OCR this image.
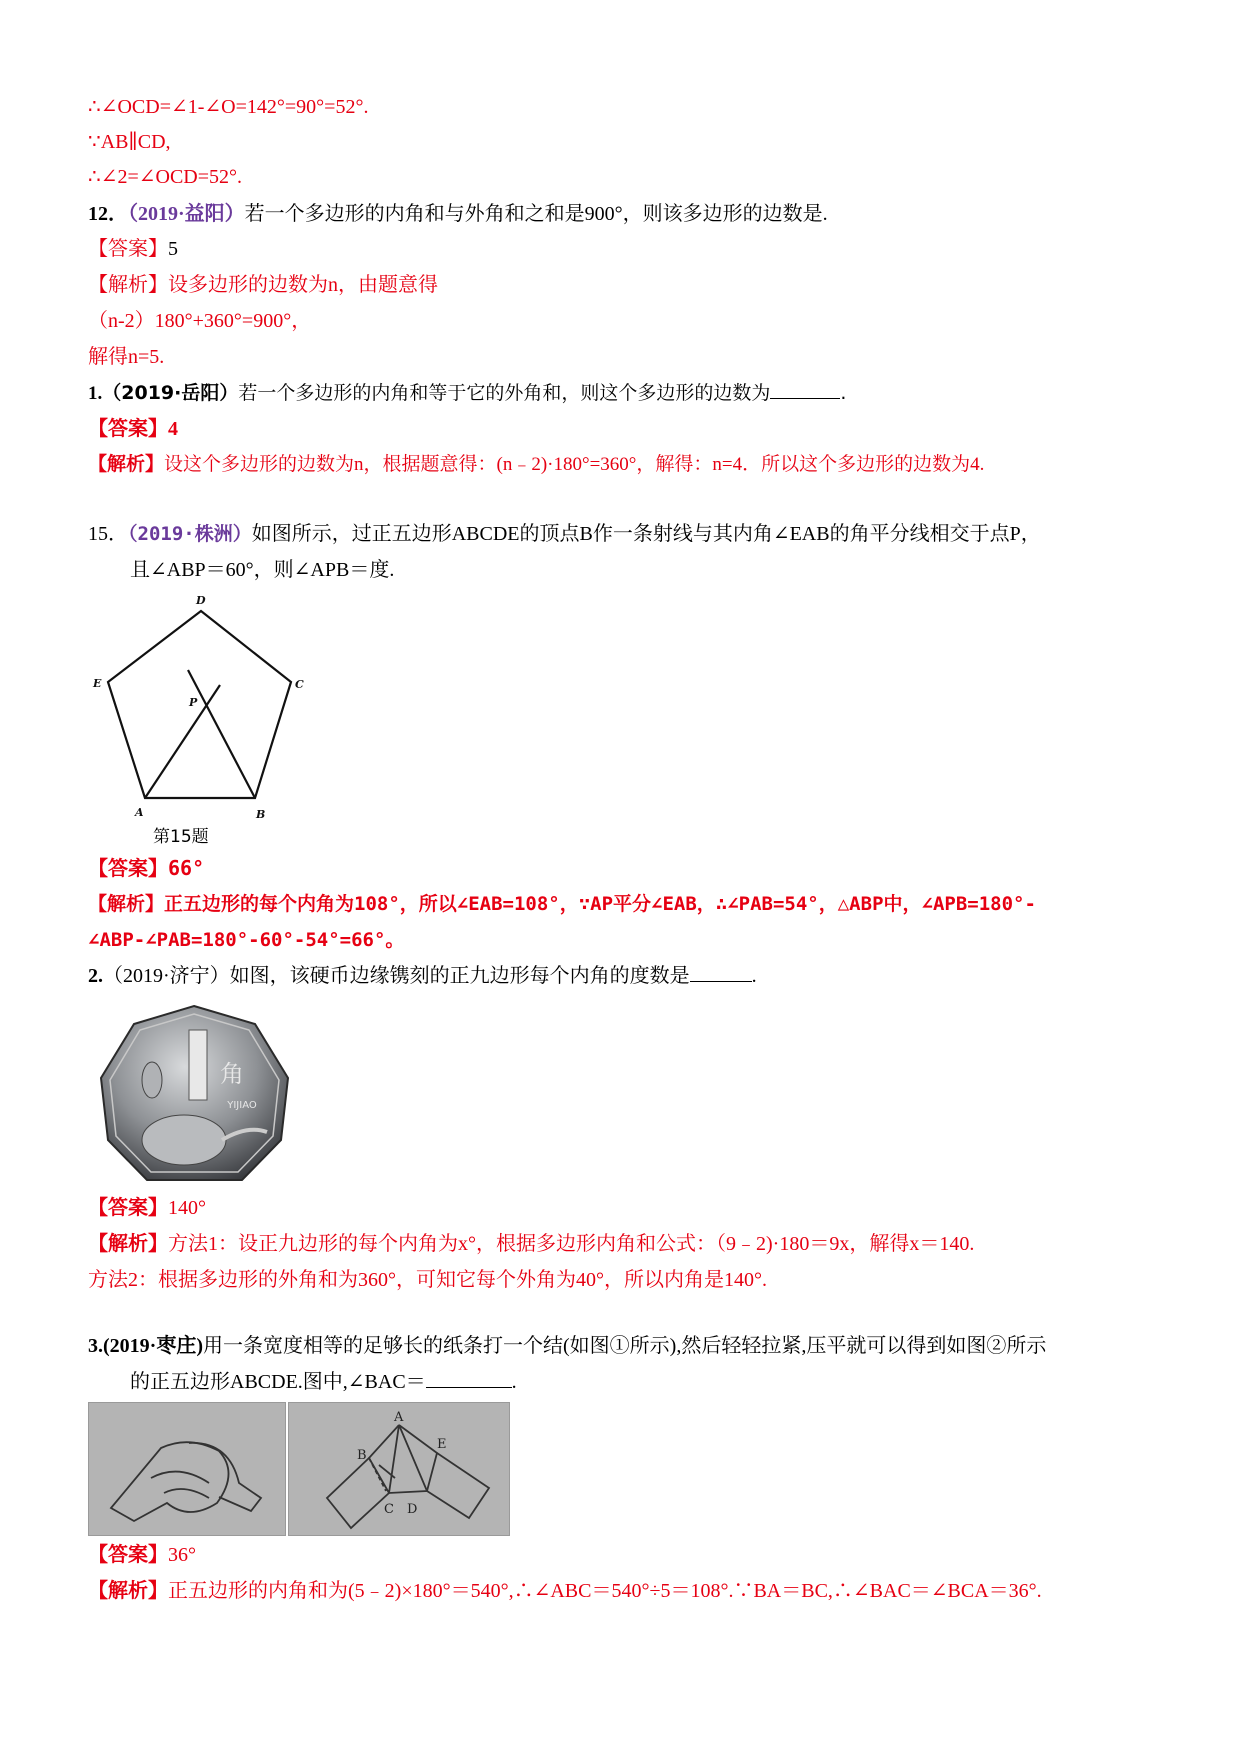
∴∠OCD=∠1-∠O=142°=90°=52°.
∵AB∥CD,
∴∠2=∠OCD=52°.
12．（2019·益阳）若一个多边形的内角和与外角和之和是900°，则该多边形的边数是.
【答案】5
【解析】设多边形的边数为n，由题意得
（n-2）180°+360°=900°，
解得n=5.
1.（2019·岳阳）若一个多边形的内角和等于它的外角和，则这个多边形的边数为	.
【答案】4
【解析】设这个多边形的边数为n，根据题意得：(n﹣2)·180°=360°，解得：n=4．所以这个多边形的边数为4.
15．（2019·株洲）如图所示，过正五边形ABCDE的顶点B作一条射线与其内角∠EAB的角平分线相交于点P，
且∠ABP＝60°，则∠APB＝度.
D
E	C
P
A	B
第15题
【答案】66°
【解析】正五边形的每个内角为108°，所以∠EAB=108°，∵AP平分∠EAB，∴∠PAB=54°，△ABP中，∠APB=180°-
∠ABP-∠PAB=180°-60°-54°=66°。
2.（2019·济宁）如图，该硬币边缘镌刻的正九边形每个内角的度数是	.
角
YIJIAO
【答案】140°
【解析】方法1：设正九边形的每个内角为x°，根据多边形内角和公式：（9﹣2)·180＝9x，解得x＝140.
方法2：根据多边形的外角和为360°，可知它每个外角为40°，所以内角是140°.
3.(2019·枣庄)用一条宽度相等的足够长的纸条打一个结(如图①所示),然后轻轻拉紧,压平就可以得到如图②所示
的正五边形ABCDE.图中,∠BAC＝	.
A
B
C D
E
【答案】36°
【解析】正五边形的内角和为(5﹣2)×180°＝540°,∴∠ABC＝540°÷5＝108°.∵BA＝BC,∴∠BAC＝∠BCA＝36°.
